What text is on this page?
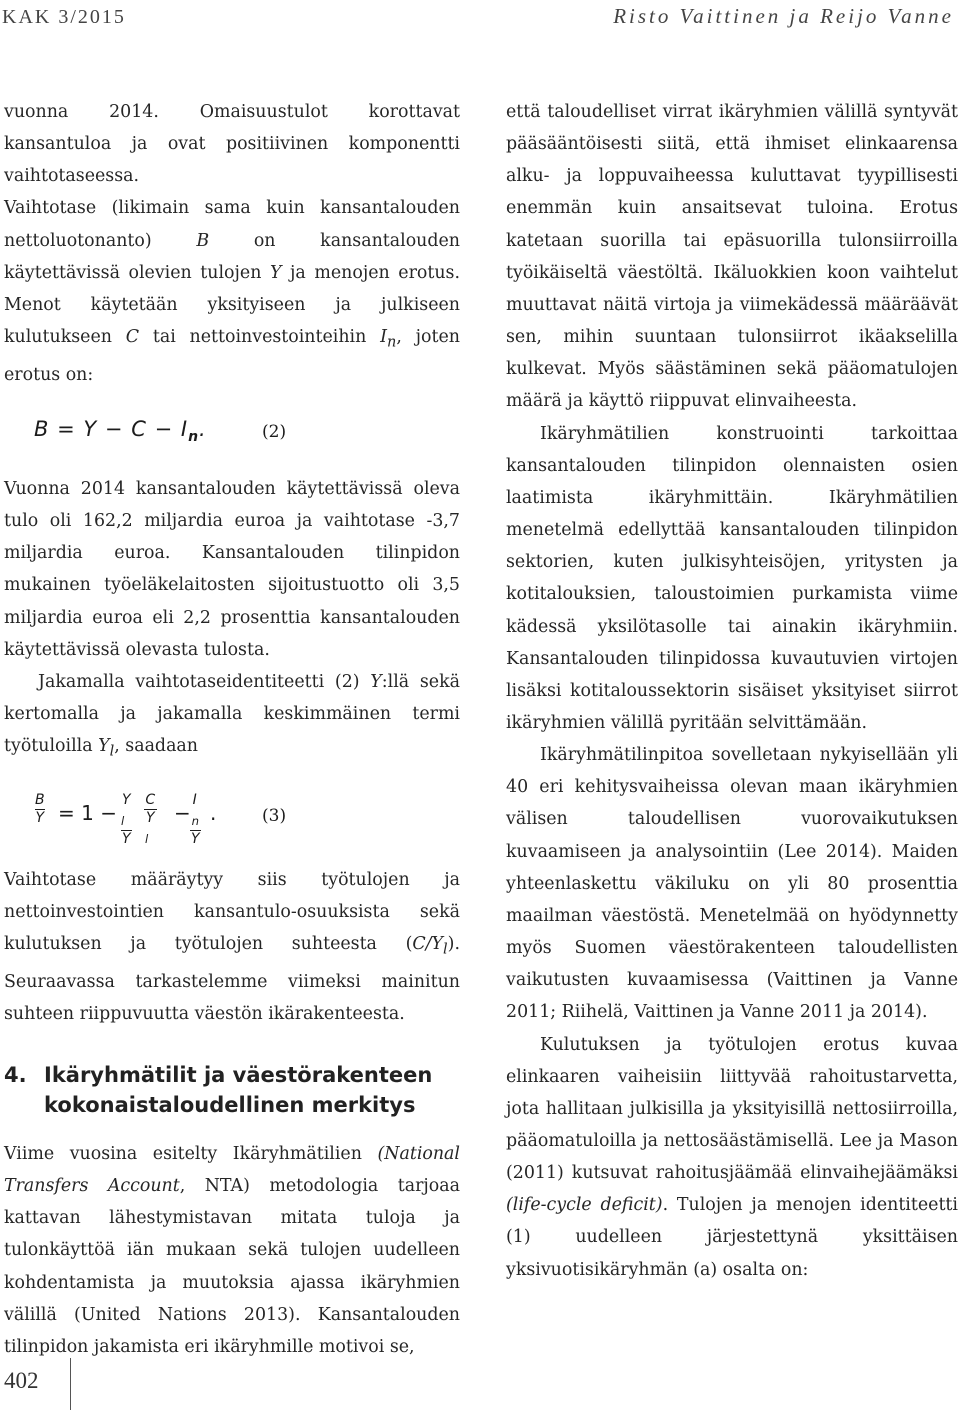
KAK 3/2015	Risto Vaittinen ja Reijo Vanne

vuonna 2014. Omaisuustulot korottavat kansantuloa ja ovat positiivinen komponentti vaihtotaseessa.

Vaihtotase (likimain sama kuin kansantalouden nettoluotonanto) B on kansantalouden käytettävissä olevien tulojen Y ja menojen erotus. Menot käytetään yksityiseen ja julkiseen kulutukseen C tai nettoinvestointeihin $I_n$, joten erotus on:

$B = Y - C - I_n$.	(2)

Vuonna 2014 kansantalouden käytettävissä oleva tulo oli 162,2 miljardia euroa ja vaihtotase -3,7 miljardia euroa. Kansantalouden tilinpidon mukainen työeläkelaitosten sijoitustuotto oli 3,5 miljardia euroa eli 2,2 prosenttia kansantalouden käytettävissä olevasta tulosta.

Jakamalla vaihtotaseidentiteetti (2) Y:llä sekä kertomalla ja jakamalla keskimmäinen termi työtuloilla $Y_l$, saadaan

$\frac{B}{Y} = 1 - Y$
$_l$
Y C
Y
$_l$ − I
$_n$
Y .	(3)

Vaihtotase määräytyy siis työtulojen ja nettoinvestointien kansantulo-osuuksista sekä kulutuksen ja työtulojen suhteesta $(C/Y_l)$. Seuraavassa tarkastelemme viimeksi mainitun suhteen riippuvuutta väestön ikärakenteesta.

4. Ikäryhmätilit ja väestörakenteen
kokonaistaloudellinen merkitys

Viime vuosina esitelty Ikäryhmätilien (National Transfers Account, NTA) metodologia tarjoaa kattavan lähestymistavan mitata tuloja ja tulonkäyttöä iän mukaan sekä tulojen uudelleen kohdentamista ja muutoksia ajassa ikäryhmien välillä (United Nations 2013). Kansantalouden tilinpidon jakamista eri ikäryhmille motivoi se,

että taloudelliset virrat ikäryhmien välillä syntyvät pääsääntöisesti siitä, että ihmiset elinkaarensa alku- ja loppuvaiheessa kuluttavat tyypillisesti enemmän kuin ansaitsevat tuloina. Erotus katetaan suorilla tai epäsuorilla tulonsiirroilla työikäiseltä väestöltä. Ikäluokkien koon vaihtelut muuttavat näitä virtoja ja viimekädessä määräävät sen, mihin suuntaan tulonsiirrot ikäakselilla kulkevat. Myös säästäminen sekä pääomatulojen määrä ja käyttö riippuvat elinvaiheesta.

Ikäryhmätilien konstruointi tarkoittaa kansantalouden tilinpidon olennaisten osien laatimista ikäryhmittäin. Ikäryhmätilien menetelmä edellyttää kansantalouden tilinpidon sektorien, kuten julkisyhteisöjen, yritysten ja kotitalouksien, taloustoimien purkamista viime kädessä yksilötasolle tai ainakin ikäryhmiin. Kansantalouden tilinpidossa kuvautuvien virtojen lisäksi kotitaloussektorin sisäiset yksityiset siirrot ikäryhmien välillä pyritään selvittämään.

Ikäryhmätilinpitoa sovelletaan nykyisellään yli 40 eri kehitysvaiheissa olevan maan ikäryhmien välisen taloudellisen vuorovaikutuksen kuvaamiseen ja analysointiin (Lee 2014). Maiden yhteenlaskettu väkiluku on yli 80 prosenttia maailman väestöstä. Menetelmää on hyödynnetty myös Suomen väestörakenteen taloudellisten vaikutusten kuvaamisessa (Vaittinen ja Vanne 2011; Riihelä, Vaittinen ja Vanne 2011 ja 2014).

Kulutuksen ja työtulojen erotus kuvaa elinkaaren vaiheisiin liittyvää rahoitustarvetta, jota hallitaan julkisilla ja yksityisillä nettosiirroilla, pääomatuloilla ja nettosäästämisellä. Lee ja Mason (2011) kutsuvat rahoitusjäämää elinvaihejäämäksi (life-cycle deficit). Tulojen ja menojen identiteetti (1) uudelleen järjestettynä yksittäisen yksivuotisikäryhmän (a) osalta on:

402
